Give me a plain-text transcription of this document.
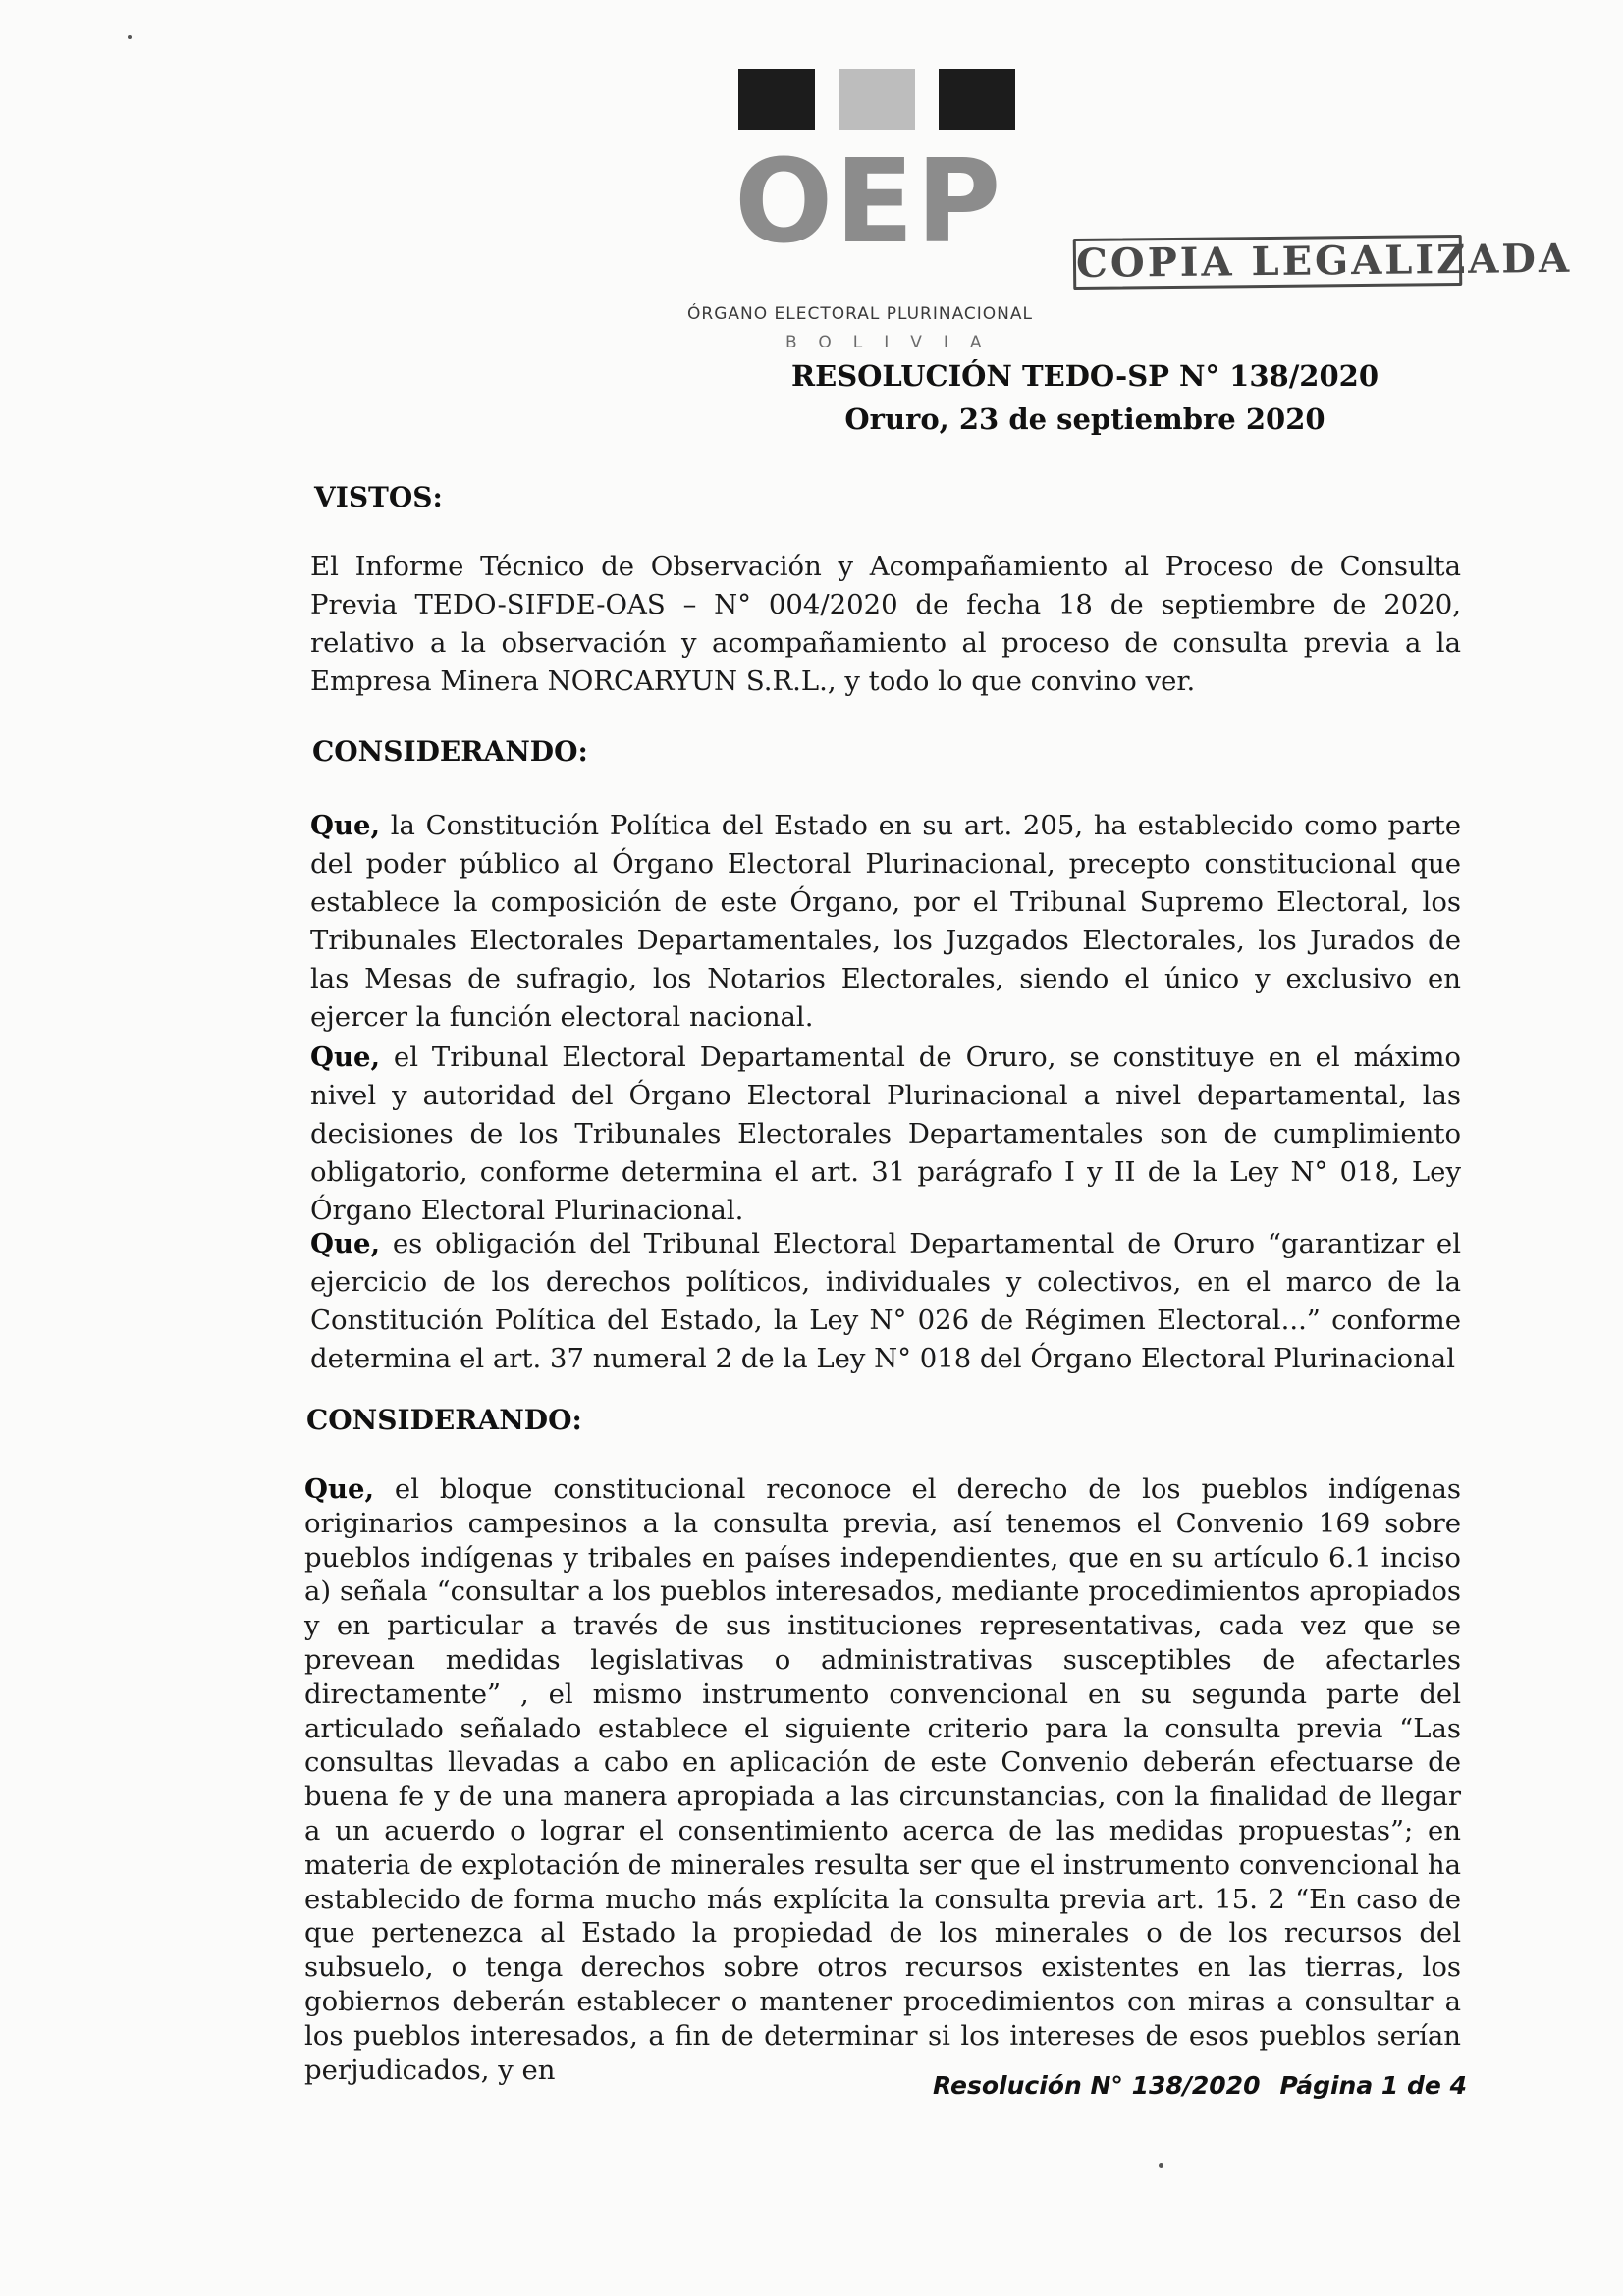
OEP
ÓRGANO ELECTORAL PLURINACIONAL
BOLIVIA
COPIA LEGALIZADA
RESOLUCIÓN TEDO-SP N° 138/2020
Oruro, 23 de septiembre 2020
VISTOS:
El Informe Técnico de Observación y Acompañamiento al Proceso de Consulta Previa TEDO-SIFDE-OAS – N° 004/2020 de fecha 18 de septiembre de 2020, relativo a la observación y acompañamiento al proceso de consulta previa a la Empresa Minera NORCARYUN S.R.L., y todo lo que convino ver.
CONSIDERANDO:
Que, la Constitución Política del Estado en su art. 205, ha establecido como parte del poder público al Órgano Electoral Plurinacional, precepto constitucional que establece la composición de este Órgano, por el Tribunal Supremo Electoral, los Tribunales Electorales Departamentales, los Juzgados Electorales, los Jurados de las Mesas de sufragio, los Notarios Electorales, siendo el único y exclusivo en ejercer la función electoral nacional.
Que, el Tribunal Electoral Departamental de Oruro, se constituye en el máximo nivel y autoridad del Órgano Electoral Plurinacional a nivel departamental, las decisiones de los Tribunales Electorales Departamentales son de cumplimiento obligatorio, conforme determina el art. 31 parágrafo I y II de la Ley N° 018, Ley Órgano Electoral Plurinacional.
Que, es obligación del Tribunal Electoral Departamental de Oruro “garantizar el ejercicio de los derechos políticos, individuales y colectivos, en el marco de la Constitución Política del Estado, la Ley N° 026 de Régimen Electoral...” conforme determina el art. 37 numeral 2 de la Ley N° 018 del Órgano Electoral Plurinacional
CONSIDERANDO:
Que, el bloque constitucional reconoce el derecho de los pueblos indígenas originarios campesinos a la consulta previa, así tenemos el Convenio 169 sobre pueblos indígenas y tribales en países independientes, que en su artículo 6.1 inciso a) señala “consultar a los pueblos interesados, mediante procedimientos apropiados y en particular a través de sus instituciones representativas, cada vez que se prevean medidas legislativas o administrativas susceptibles de afectarles directamente” , el mismo instrumento convencional en su segunda parte del articulado señalado establece el siguiente criterio para la consulta previa “Las consultas llevadas a cabo en aplicación de este Convenio deberán efectuarse de buena fe y de una manera apropiada a las circunstancias, con la finalidad de llegar a un acuerdo o lograr el consentimiento acerca de las medidas propuestas”; en materia de explotación de minerales resulta ser que el instrumento convencional ha establecido de forma mucho más explícita la consulta previa art. 15. 2 “En caso de que pertenezca al Estado la propiedad de los minerales o de los recursos del subsuelo, o tenga derechos sobre otros recursos existentes en las tierras, los gobiernos deberán establecer o mantener procedimientos con miras a consultar a los pueblos interesados, a fin de determinar si los intereses de esos pueblos serían perjudicados, y en	Resolución N° 138/2020 Página 1 de 4
